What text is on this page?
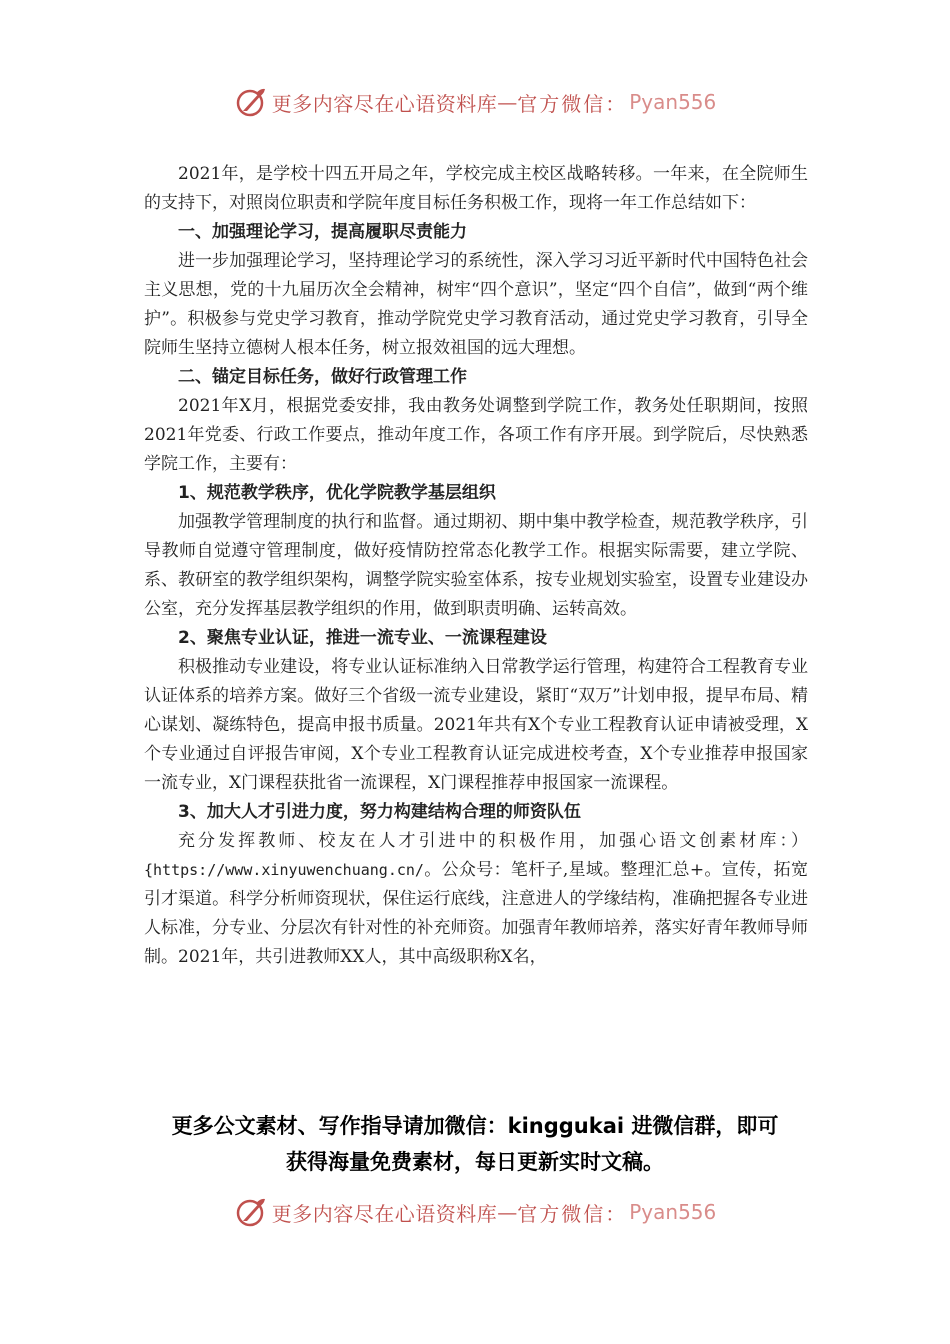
更多内容尽在心语资料库 — 官方微信： Pyan556

2021年，是学校十四五开局之年，学校完成主校区战略转移。一年来，在全院师生的支持下，对照岗位职责和学院年度目标任务积极工作，现将一年工作总结如下：

一、加强理论学习，提高履职尽责能力

进一步加强理论学习，坚持理论学习的系统性，深入学习习近平新时代中国特色社会主义思想，党的十九届历次全会精神，树牢“四个意识”，坚定“四个自信”，做到“两个维护”。积极参与党史学习教育，推动学院党史学习教育活动，通过党史学习教育，引导全院师生坚持立德树人根本任务，树立报效祖国的远大理想。

二、锚定目标任务，做好行政管理工作

2021年X月，根据党委安排，我由教务处调整到学院工作，教务处任职期间，按照2021年党委、行政工作要点，推动年度工作，各项工作有序开展。到学院后，尽快熟悉学院工作，主要有：

1、规范教学秩序，优化学院教学基层组织

加强教学管理制度的执行和监督。通过期初、期中集中教学检查，规范教学秩序，引导教师自觉遵守管理制度，做好疫情防控常态化教学工作。根据实际需要，建立学院、系、教研室的教学组织架构，调整学院实验室体系，按专业规划实验室，设置专业建设办公室，充分发挥基层教学组织的作用，做到职责明确、运转高效。

2、聚焦专业认证，推进一流专业、一流课程建设

积极推动专业建设，将专业认证标准纳入日常教学运行管理，构建符合工程教育专业认证体系的培养方案。做好三个省级一流专业建设，紧盯“双万”计划申报，提早布局、精心谋划、凝练特色，提高申报书质量。2021年共有X个专业工程教育认证申请被受理，X个专业通过自评报告审阅，X个专业工程教育认证完成进校考查，X个专业推荐申报国家一流专业，X门课程获批省一流课程，X门课程推荐申报国家一流课程。

3、加大人才引进力度，努力构建结构合理的师资队伍

充分发挥教师、校友在人才引进中的积极作用，加强心语文创素材库：）{https://www.xinyuwenchuang.cn/。公众号：笔杆子,星域。整理汇总+。宣传，拓宽引才渠道。科学分析师资现状，保住运行底线，注意进人的学缘结构，准确把握各专业进人标准，分专业、分层次有针对性的补充师资。加强青年教师培养，落实好青年教师导师制。2021年，共引进教师XX人，其中高级职称X名，

更多公文素材、写作指导请加微信：kinggukai 进微信群，即可
获得海量免费素材，每日更新实时文稿。
更多内容尽在心语资料库 — 官方微信： Pyan556
